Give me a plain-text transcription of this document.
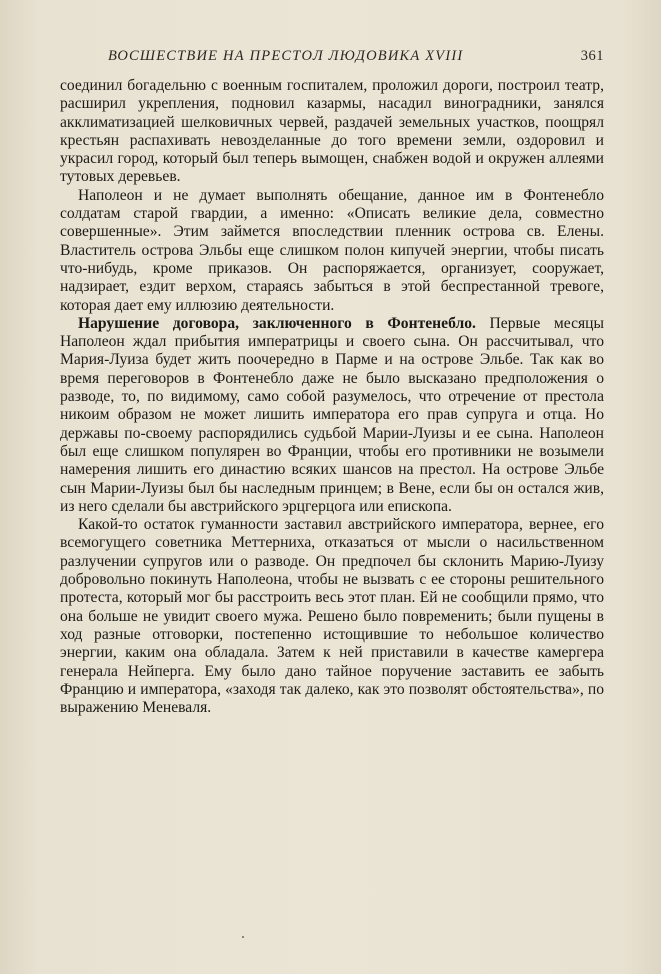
ВОСШЕСТВИЕ НА ПРЕСТОЛ ЛЮДОВИКА XVIII	361

соединил богадельню с военным госпиталем, проложил дороги, построил театр, расширил укрепления, подновил казармы, насадил виноградники, занялся акклиматизацией шелковичных червей, раздачей земельных участков, поощрял крестьян распахивать невозделанные до того времени земли, оздоровил и украсил город, который был теперь вымощен, снабжен водой и окружен аллеями тутовых деревьев.

Наполеон и не думает выполнять обещание, данное им в Фонтенебло солдатам старой гвардии, а именно: «Описать великие дела, совместно совершенные». Этим займется впоследствии пленник острова св. Елены. Властитель острова Эльбы еще слишком полон кипучей энергии, чтобы писать что-нибудь, кроме приказов. Он распоряжается, организует, сооружает, надзирает, ездит верхом, стараясь забыться в этой беспрестанной тревоге, которая дает ему иллюзию деятельности.

Нарушение договора, заключенного в Фонтенебло. Первые месяцы Наполеон ждал прибытия императрицы и своего сына. Он рассчитывал, что Мария-Луиза будет жить поочередно в Парме и на острове Эльбе. Так как во время переговоров в Фонтенебло даже не было высказано предположения о разводе, то, по видимому, само собой разумелось, что отречение от престола никоим образом не может лишить императора его прав супруга и отца. Но державы по-своему распорядились судьбой Марии-Луизы и ее сына. Наполеон был еще слишком популярен во Франции, чтобы его противники не возымели намерения лишить его династию всяких шансов на престол. На острове Эльбе сын Марии-Луизы был бы наследным принцем; в Вене, если бы он остался жив, из него сделали бы австрийского эрцгерцога или епископа.

Какой-то остаток гуманности заставил австрийского императора, вернее, его всемогущего советника Меттерниха, отказаться от мысли о насильственном разлучении супругов или о разводе. Он предпочел бы склонить Марию-Луизу добровольно покинуть Наполеона, чтобы не вызвать с ее стороны решительного протеста, который мог бы расстроить весь этот план. Ей не сообщили прямо, что она больше не увидит своего мужа. Решено было повременить; были пущены в ход разные отговорки, постепенно истощившие то небольшое количество энергии, каким она обладала. Затем к ней приставили в качестве камергера генерала Нейперга. Ему было дано тайное поручение заставить ее забыть Францию и императора, «заходя так далеко, как это позволят обстоятельства», по выражению Меневаля.
